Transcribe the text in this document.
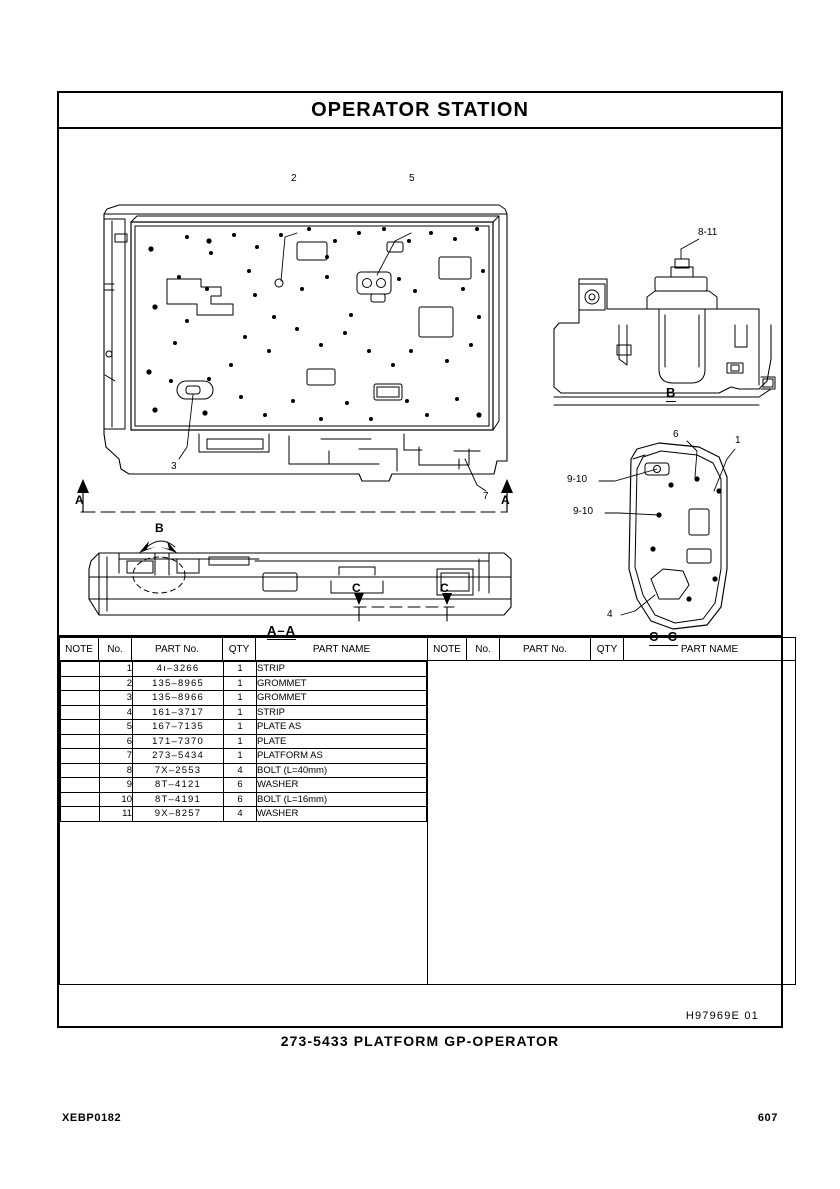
OPERATOR STATION
2	5
3
7
8-11
6
1
9-10
9-10
4
A	A
B
C	C
B
A–A	C–C
NOTE	No.	PART No.	QTY	PART NAME	NOTE	No.	PART No.	QTY	PART NAME

	1	4ı–3266	1	STRIP
	2	135–8965	1	GROMMET
	3	135–8966	1	GROMMET
	4	161–3717	1	STRIP
	5	167–7135	1	PLATE AS
	6	171–7370	1	PLATE
	7	273–5434	1	PLATFORM AS
	8	7X–2553	4	BOLT (L=40mm)
	9	8T–4121	6	WASHER
	10	8T–4191	6	BOLT (L=16mm)
	11	9X–8257	4	WASHER

H97969E 01
273‑5433 PLATFORM GP‑OPERATOR
XEBP0182	607
